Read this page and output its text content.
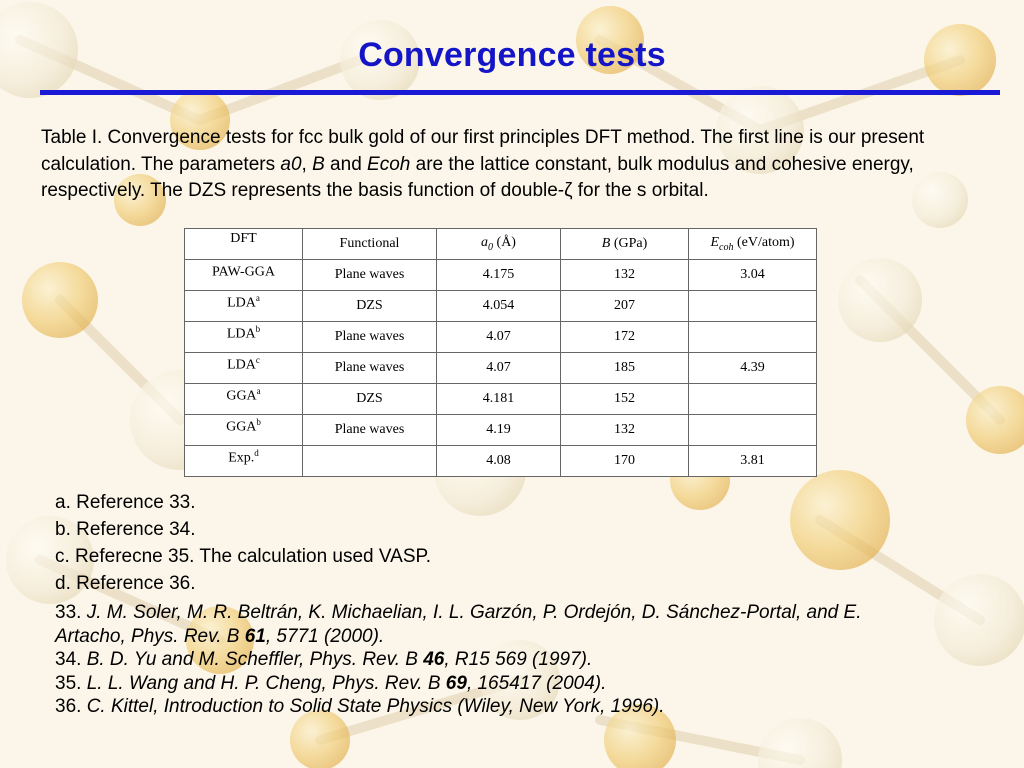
Convergence tests
Table I. Convergence tests for fcc bulk gold of our first principles DFT method. The first line is our present calculation. The parameters a0, B and Ecoh are the lattice constant, bulk modulus and cohesive energy, respectively. The DZS represents the basis function of double-ζ for the s orbital.
DFT	Functional	$a_0$ (Å)	B (GPa)	$E_{coh}$ (eV/atom)
PAW-GGA	Plane waves	4.175	132	3.04
LDA$^a$	DZS	4.054	207	
LDA$^b$	Plane waves	4.07	172	
LDA$^c$	Plane waves	4.07	185	4.39
GGA$^a$	DZS	4.181	152	
GGA$^b$	Plane waves	4.19	132	
Exp.$^d$		4.08	170	3.81
a. Reference 33.
b. Reference 34.
c. Referecne 35. The calculation used VASP.
d. Reference 36.
33. J. M. Soler, M. R. Beltrán, K. Michaelian, I. L. Garzón, P. Ordejón, D. Sánchez-Portal, and E. Artacho, Phys. Rev. B 61, 5771 (2000).
34. B. D. Yu and M. Scheffler, Phys. Rev. B 46, R15 569 (1997).
35. L. L. Wang and H. P. Cheng, Phys. Rev. B 69, 165417 (2004).
36. C. Kittel, Introduction to Solid State Physics (Wiley, New York, 1996).
